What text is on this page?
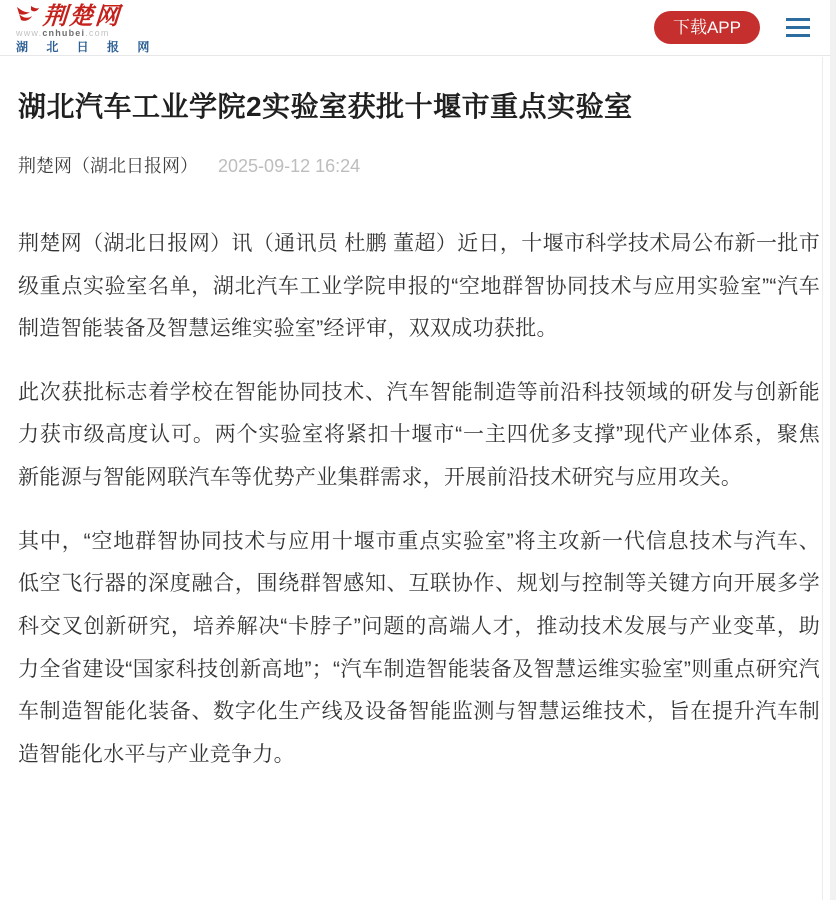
荆楚网
www.cnhubei.com
湖 北 日 报 网
下载APP
湖北汽车工业学院2实验室获批十堰市重点实验室
荆楚网（湖北日报网） 2025-09-12 16:24

荆楚网（湖北日报网）讯（通讯员 杜鹏 董超）近日，十堰市科学技术局公布新一批市级重点实验室名单，湖北汽车工业学院申报的“空地群智协同技术与应用实验室”“汽车制造智能装备及智慧运维实验室”经评审，双双成功获批。

此次获批标志着学校在智能协同技术、汽车智能制造等前沿科技领域的研发与创新能力获市级高度认可。两个实验室将紧扣十堰市“一主四优多支撑”现代产业体系，聚焦新能源与智能网联汽车等优势产业集群需求，开展前沿技术研究与应用攻关。

其中，“空地群智协同技术与应用十堰市重点实验室”将主攻新一代信息技术与汽车、低空飞行器的深度融合，围绕群智感知、互联协作、规划与控制等关键方向开展多学科交叉创新研究，培养解决“卡脖子”问题的高端人才，推动技术发展与产业变革，助力全省建设“国家科技创新高地”；“汽车制造智能装备及智慧运维实验室”则重点研究汽车制造智能化装备、数字化生产线及设备智能监测与智慧运维技术，旨在提升汽车制造智能化水平与产业竞争力。
